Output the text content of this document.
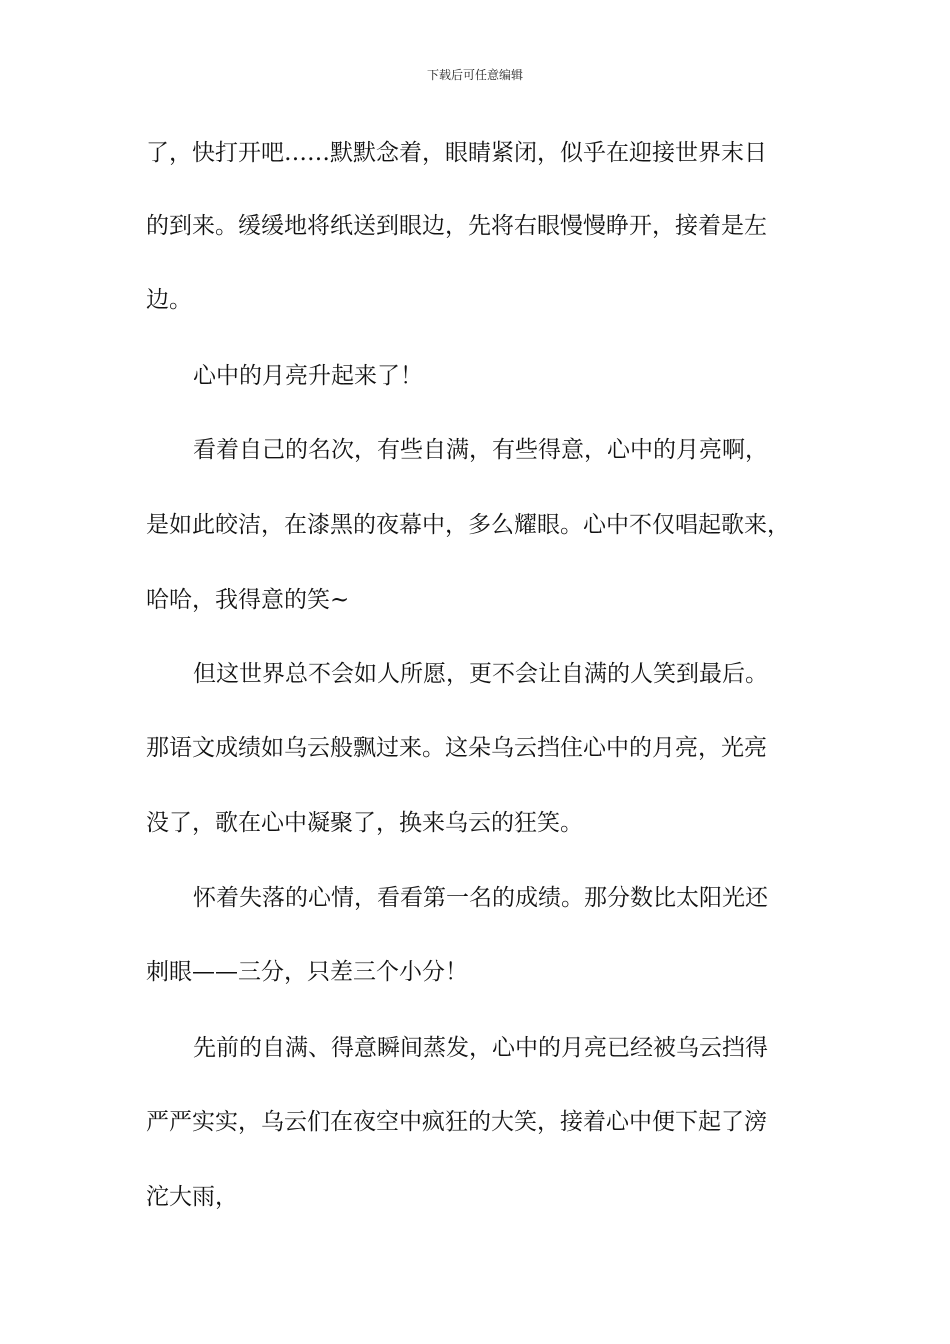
下载后可任意编辑
了，快打开吧……默默念着，眼睛紧闭，似乎在迎接世界末日
的到来。缓缓地将纸送到眼边，先将右眼慢慢睁开，接着是左
边。
心中的月亮升起来了！
看着自己的名次，有些自满，有些得意，心中的月亮啊，
是如此皎洁，在漆黑的夜幕中，多么耀眼。心中不仅唱起歌来，
哈哈，我得意的笑~
但这世界总不会如人所愿，更不会让自满的人笑到最后。
那语文成绩如乌云般飘过来。这朵乌云挡住心中的月亮，光亮
没了，歌在心中凝聚了，换来乌云的狂笑。
怀着失落的心情，看看第一名的成绩。那分数比太阳光还
刺眼——三分，只差三个小分！
先前的自满、得意瞬间蒸发，心中的月亮已经被乌云挡得
严严实实，乌云们在夜空中疯狂的大笑，接着心中便下起了滂
沱大雨，
